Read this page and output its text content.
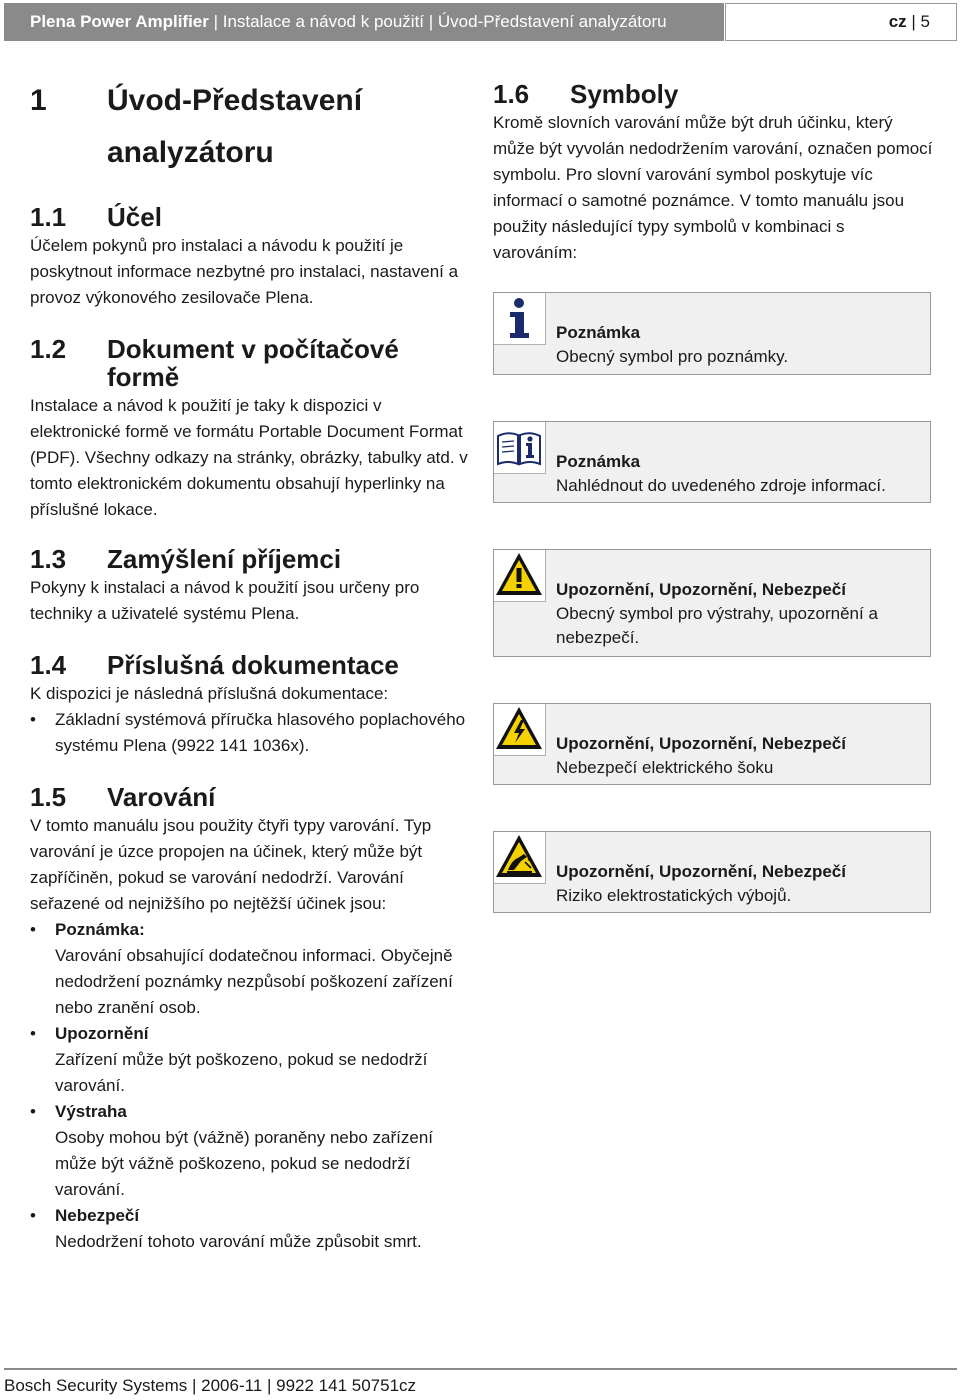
Plena Power Amplifier | Instalace a návod k použití | Úvod-Představení analyzátoru	cz | 5
1	Úvod-Představení
analyzátoru
1.1	Účel

Účelem pokynů pro instalaci a návodu k použití je poskytnout informace nezbytné pro instalaci, nastavení a provoz výkonového zesilovače Plena.

1.2	Dokument v počítačové formě

Instalace a návod k použití je taky k dispozici v elektronické formě ve formátu Portable Document Format (PDF). Všechny odkazy na stránky, obrázky, tabulky atd. v tomto elektronickém dokumentu obsahují hyperlinky na příslušné lokace.

1.3	Zamýšlení příjemci

Pokyny k instalaci a návod k použití jsou určeny pro techniky a uživatelé systému Plena.

1.4	Příslušná dokumentace

K dispozici je následná příslušná dokumentace:

• Základní systémová příručka hlasového poplachového systému Plena (9922 141 1036x).
1.5	Varování

V tomto manuálu jsou použity čtyři typy varování. Typ varování je úzce propojen na účinek, který může být zapříčiněn, pokud se varování nedodrží. Varování seřazené od nejnižšího po nejtěžší účinek jsou:

• Poznámka:
Varování obsahující dodatečnou informaci. Obyčejně nedodržení poznámky nezpůsobí poškození zařízení nebo zranění osob.
• Upozornění
Zařízení může být poškozeno, pokud se nedodrží varování.
• Výstraha
Osoby mohou být (vážně) poraněny nebo zařízení může být vážně poškozeno, pokud se nedodrží varování.
• Nebezpečí
Nedodržení tohoto varování může způsobit smrt.
1.6	Symboly

Kromě slovních varování může být druh účinku, který může být vyvolán nedodržením varování, označen pomocí symbolu. Pro slovní varování symbol poskytuje víc informací o samotné poznámce. V tomto manuálu jsou použity následující typy symbolů v kombinaci s varováním:

Poznámka
Obecný symbol pro poznámky.
Poznámka
Nahlédnout do uvedeného zdroje informací.
Upozornění, Upozornění, Nebezpečí
Obecný symbol pro výstrahy, upozornění a nebezpečí.
Upozornění, Upozornění, Nebezpečí
Nebezpečí elektrického šoku
Upozornění, Upozornění, Nebezpečí
Riziko elektrostatických výbojů.
Bosch Security Systems | 2006-11 | 9922 141 50751cz
